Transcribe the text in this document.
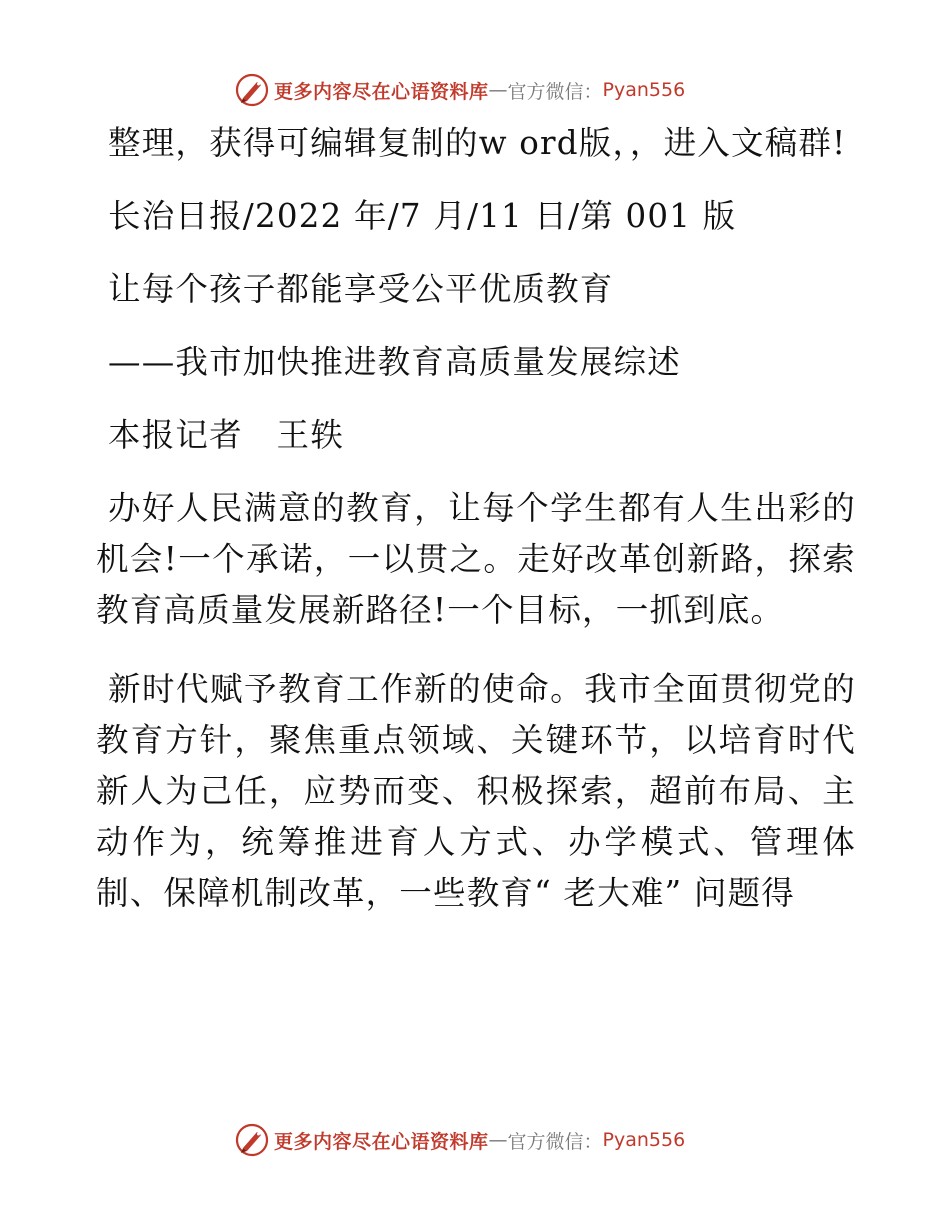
更多内容尽在心语资料库 — 官方微信： Pyan556

整理，获得可编辑复制的w ord版，，进入文稿群!

长治日报/2022 年/7 月/11 日/第 001 版

让每个孩子都能享受公平优质教育

——我市加快推进教育高质量发展综述

本报记者　王轶

办好人民满意的教育，让每个学生都有人生出彩的机会!一个承诺，一以贯之。走好改革创新路，探索教育高质量发展新路径!一个目标，一抓到底。

新时代赋予教育工作新的使命。我市全面贯彻党的教育方针，聚焦重点领域、关键环节，以培育时代新人为己任，应势而变、积极探索，超前布局、主动作为，统筹推进育人方式、办学模式、管理体制、保障机制改革，一些教育“ 老大难” 问题得

更多内容尽在心语资料库 — 官方微信： Pyan556
